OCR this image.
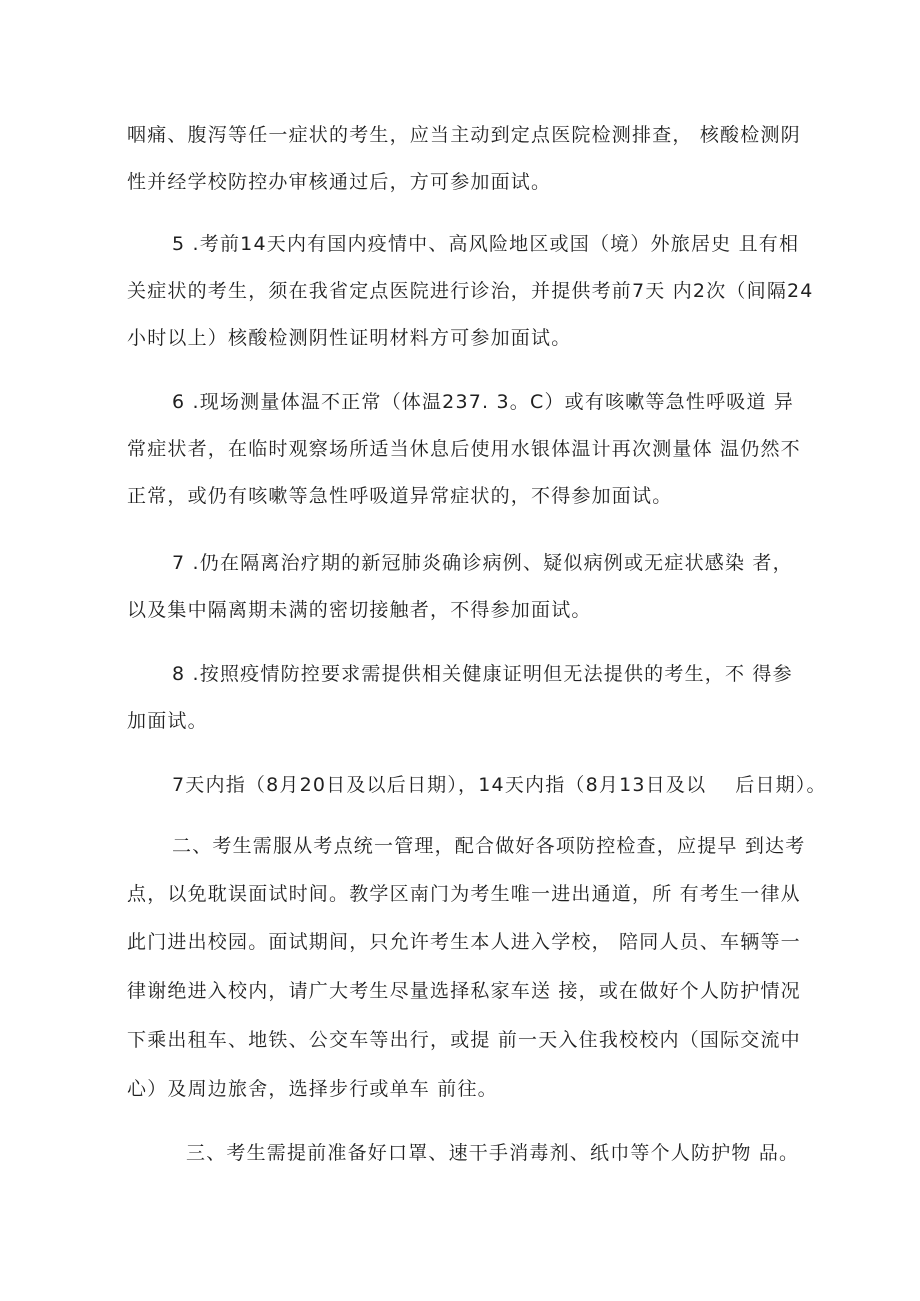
咽痛、腹泻等任一症状的考生，应当主动到定点医院检测排查， 核酸检测阴
性并经学校防控办审核通过后，方可参加面试。
5 .考前14天内有国内疫情中、高风险地区或国（境）外旅居史 且有相
关症状的考生，须在我省定点医院进行诊治，并提供考前7天 内2次（间隔24
小时以上）核酸检测阴性证明材料方可参加面试。
6 .现场测量体温不正常（体温237. 3。C）或有咳嗽等急性呼吸道 异
常症状者，在临时观察场所适当休息后使用水银体温计再次测量体 温仍然不
正常，或仍有咳嗽等急性呼吸道异常症状的，不得参加面试。
7 .仍在隔离治疗期的新冠肺炎确诊病例、疑似病例或无症状感染 者，
以及集中隔离期未满的密切接触者，不得参加面试。
8 .按照疫情防控要求需提供相关健康证明但无法提供的考生，不 得参
加面试。
7天内指（8月20日及以后日期），14天内指（8月13日及以    后日期）。
二、考生需服从考点统一管理，配合做好各项防控检查，应提早 到达考
点，以免耽误面试时间。教学区南门为考生唯一进出通道，所 有考生一律从
此门进出校园。面试期间，只允许考生本人进入学校， 陪同人员、车辆等一
律谢绝进入校内，请广大考生尽量选择私家车送 接，或在做好个人防护情况
下乘出租车、地铁、公交车等出行，或提 前一天入住我校校内（国际交流中
心）及周边旅舍，选择步行或单车 前往。
三、考生需提前准备好口罩、速干手消毒剂、纸巾等个人防护物 品。
